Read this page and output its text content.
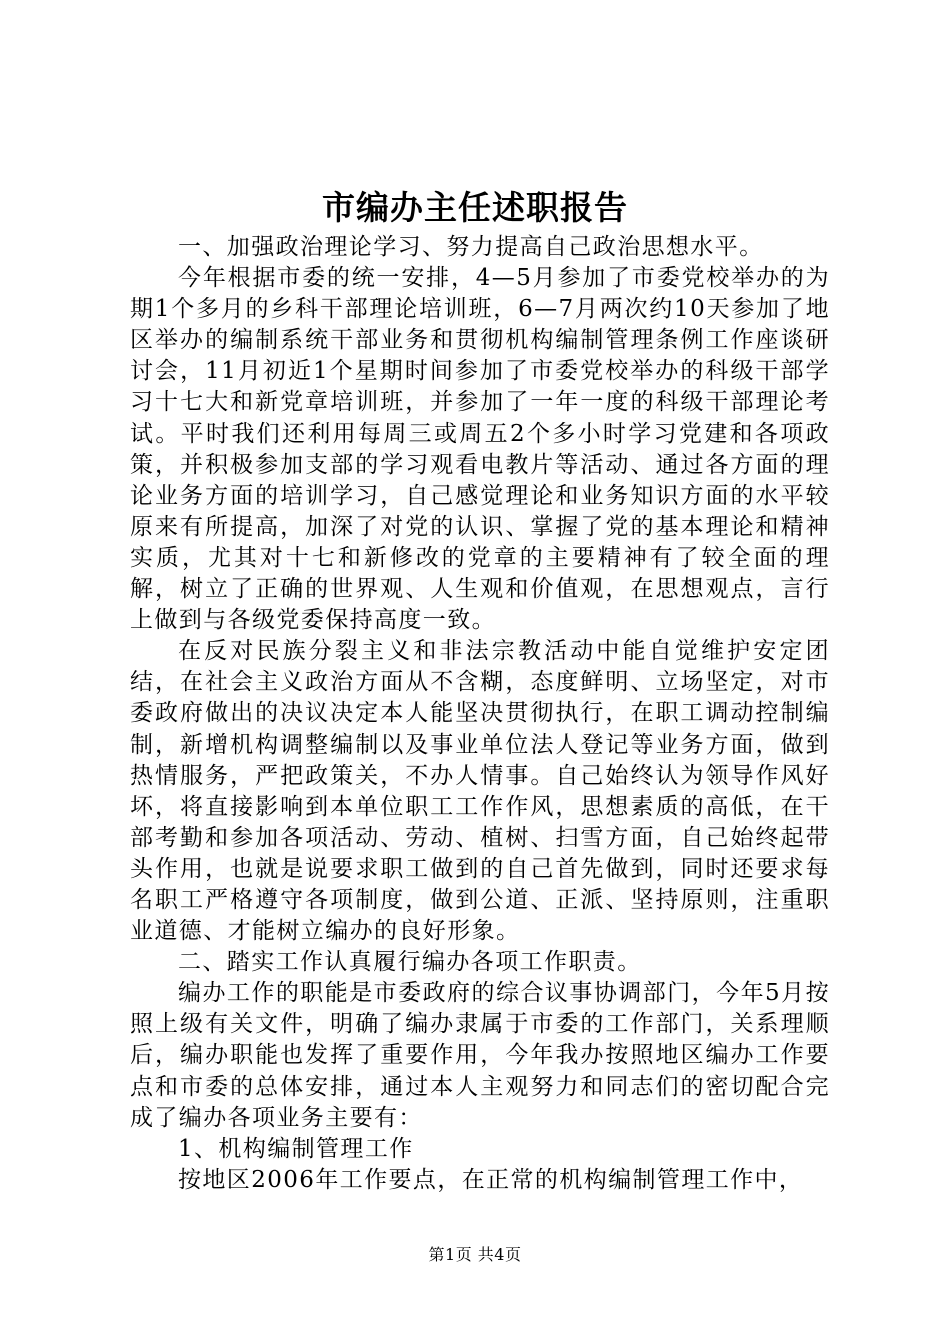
市编办主任述职报告

一、加强政治理论学习、努力提高自己政治思想水平。

今年根据市委的统一安排，4—5月参加了市委党校举办的为期1个多月的乡科干部理论培训班，6—7月两次约10天参加了地区举办的编制系统干部业务和贯彻机构编制管理条例工作座谈研讨会，11月初近1个星期时间参加了市委党校举办的科级干部学习十七大和新党章培训班，并参加了一年一度的科级干部理论考试。平时我们还利用每周三或周五2个多小时学习党建和各项政策，并积极参加支部的学习观看电教片等活动、通过各方面的理论业务方面的培训学习，自己感觉理论和业务知识方面的水平较原来有所提高，加深了对党的认识、掌握了党的基本理论和精神实质，尤其对十七和新修改的党章的主要精神有了较全面的理解，树立了正确的世界观、人生观和价值观，在思想观点，言行上做到与各级党委保持高度一致。

在反对民族分裂主义和非法宗教活动中能自觉维护安定团结，在社会主义政治方面从不含糊，态度鲜明、立场坚定，对市委政府做出的决议决定本人能坚决贯彻执行，在职工调动控制编制，新增机构调整编制以及事业单位法人登记等业务方面，做到热情服务，严把政策关，不办人情事。自己始终认为领导作风好坏，将直接影响到本单位职工工作作风，思想素质的高低，在干部考勤和参加各项活动、劳动、植树、扫雪方面，自己始终起带头作用，也就是说要求职工做到的自己首先做到，同时还要求每名职工严格遵守各项制度，做到公道、正派、坚持原则，注重职业道德、才能树立编办的良好形象。

二、踏实工作认真履行编办各项工作职责。

编办工作的职能是市委政府的综合议事协调部门，今年5月按照上级有关文件，明确了编办隶属于市委的工作部门，关系理顺后，编办职能也发挥了重要作用，今年我办按照地区编办工作要点和市委的总体安排，通过本人主观努力和同志们的密切配合完成了编办各项业务主要有：

1、机构编制管理工作

按地区2006年工作要点，在正常的机构编制管理工作中，

第1页 共4页
